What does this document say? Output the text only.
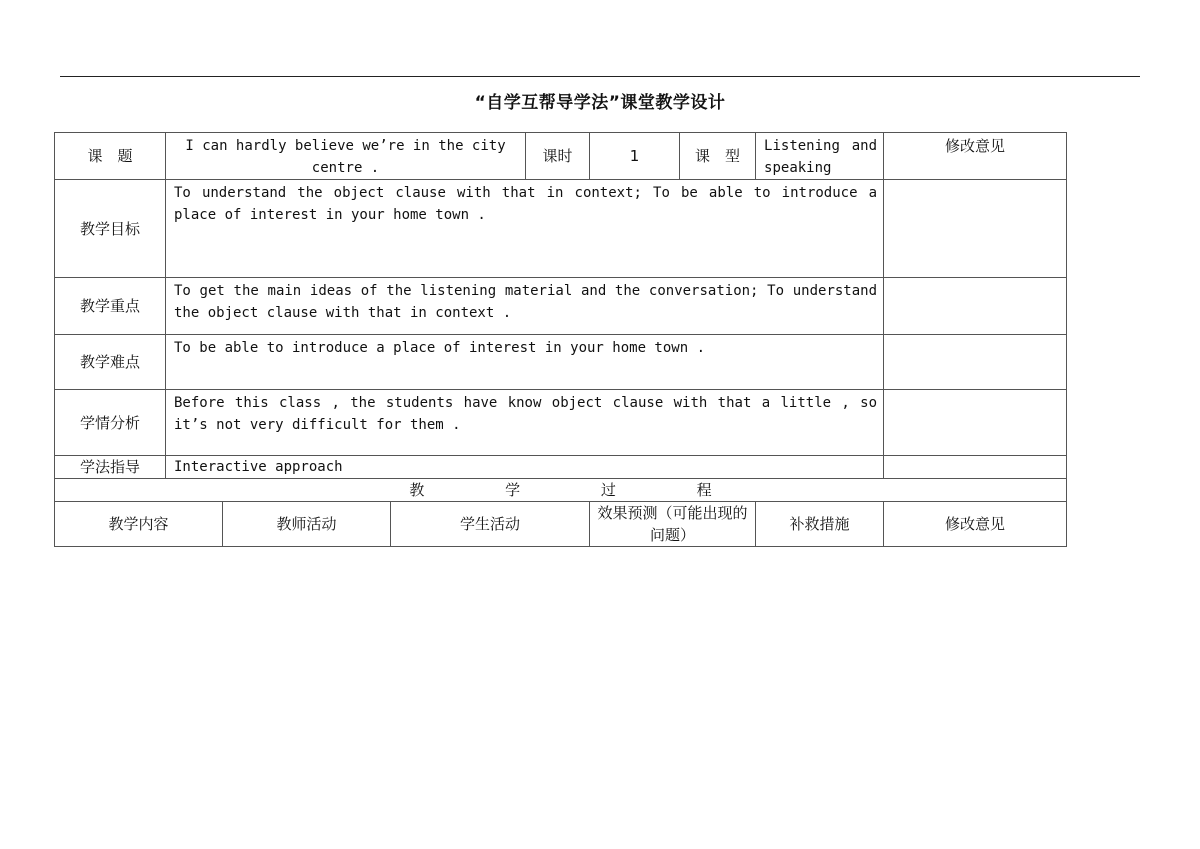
“自学互帮导学法”课堂教学设计
课　题	I can hardly believe we’re in the city centre .			课时	1	课　型	Listening and speaking	修改意见
教学目标	To understand the object clause with that in context; To be able to introduce a place of interest in your home town .							
教学重点	To get the main ideas of the listening material and the conversation; To understand the object clause with that in context .							
教学难点	To be able to introduce a place of interest in your home town .							
学情分析	Before this class , the students have know object clause with that a little , so it’s not very difficult for them .							
学法指导	Interactive approach							
教 学 过 程								
教学内容		教师活动	学生活动		效果预测（可能出现的问题）		补救措施	修改意见
